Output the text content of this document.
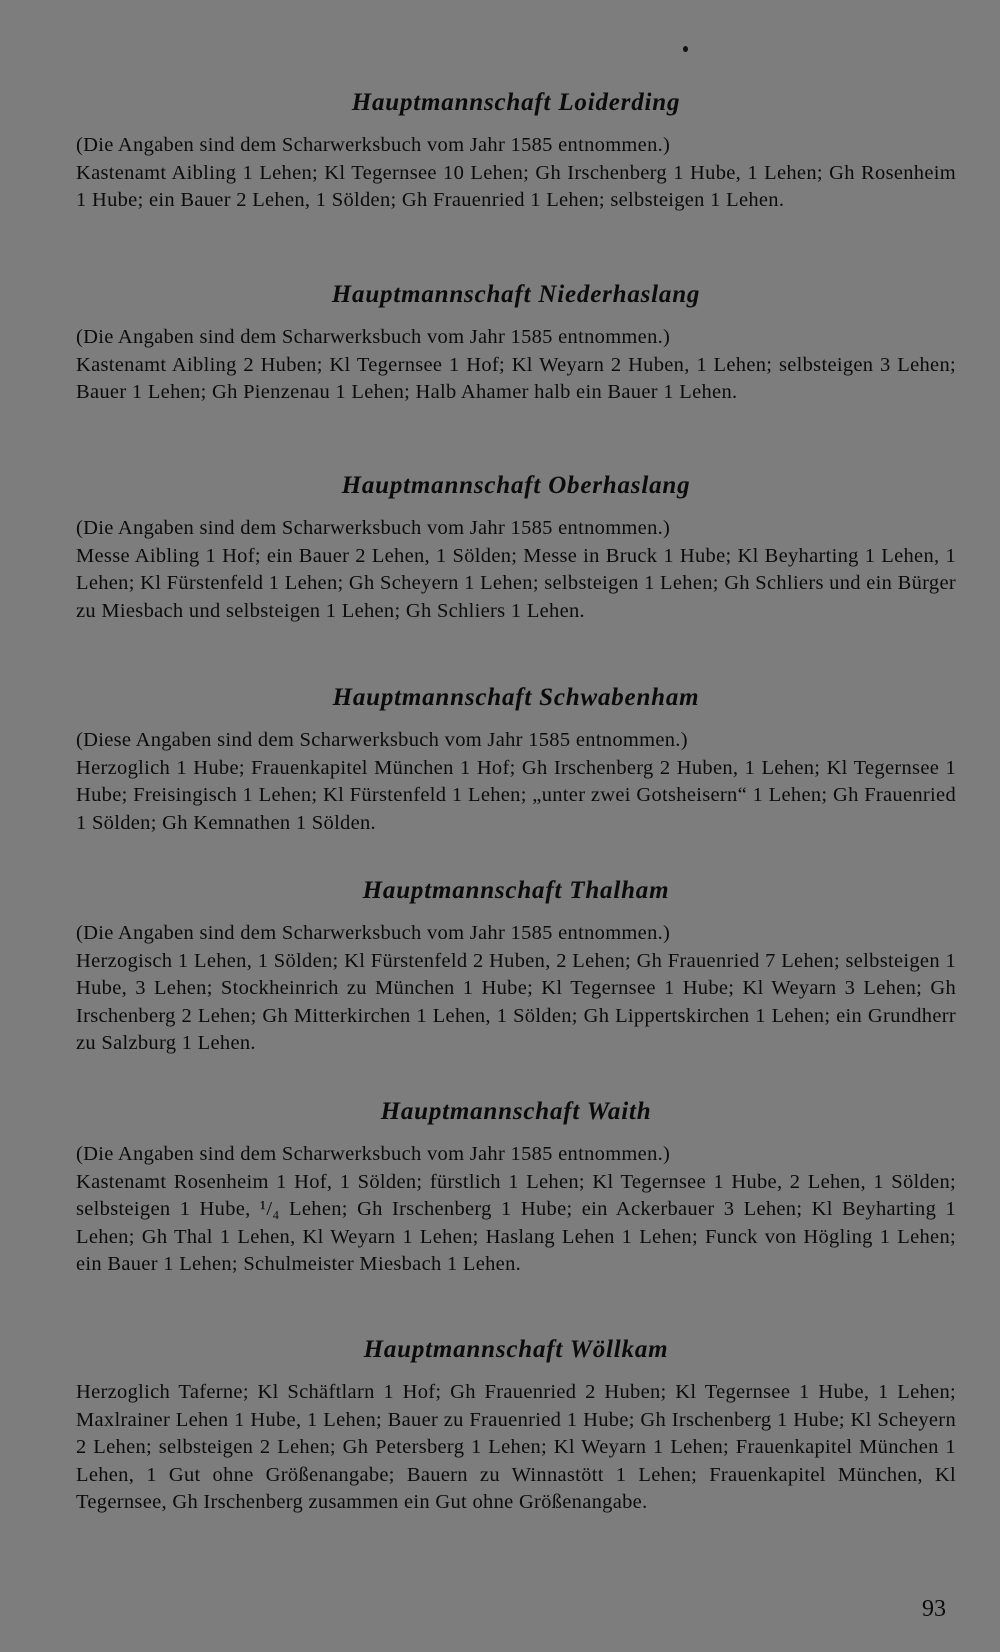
Hauptmannschaft Loiderding

(Die Angaben sind dem Scharwerksbuch vom Jahr 1585 entnommen.)

Kastenamt Aibling 1 Lehen; Kl Tegernsee 10 Lehen; Gh Irschenberg 1 Hube, 1 Lehen; Gh Rosenheim 1 Hube; ein Bauer 2 Lehen, 1 Sölden; Gh Frauenried 1 Lehen; selbsteigen 1 Lehen.

Hauptmannschaft Niederhaslang

(Die Angaben sind dem Scharwerksbuch vom Jahr 1585 entnommen.)

Kastenamt Aibling 2 Huben; Kl Tegernsee 1 Hof; Kl Weyarn 2 Huben, 1 Lehen; selbsteigen 3 Lehen; Bauer 1 Lehen; Gh Pienzenau 1 Lehen; Halb Ahamer halb ein Bauer 1 Lehen.

Hauptmannschaft Oberhaslang

(Die Angaben sind dem Scharwerksbuch vom Jahr 1585 entnommen.)

Messe Aibling 1 Hof; ein Bauer 2 Lehen, 1 Sölden; Messe in Bruck 1 Hube; Kl Beyharting 1 Lehen, 1 Lehen; Kl Fürstenfeld 1 Lehen; Gh Scheyern 1 Lehen; selbsteigen 1 Lehen; Gh Schliers und ein Bürger zu Miesbach und selbsteigen 1 Lehen; Gh Schliers 1 Lehen.

Hauptmannschaft Schwabenham

(Diese Angaben sind dem Scharwerksbuch vom Jahr 1585 entnommen.)

Herzoglich 1 Hube; Frauenkapitel München 1 Hof; Gh Irschenberg 2 Huben, 1 Lehen; Kl Tegernsee 1 Hube; Freisingisch 1 Lehen; Kl Fürstenfeld 1 Lehen; „unter zwei Gotsheisern“ 1 Lehen; Gh Frauenried 1 Sölden; Gh Kemnathen 1 Sölden.

Hauptmannschaft Thalham

(Die Angaben sind dem Scharwerksbuch vom Jahr 1585 entnommen.)

Herzogisch 1 Lehen, 1 Sölden; Kl Fürstenfeld 2 Huben, 2 Lehen; Gh Frauenried 7 Lehen; selbsteigen 1 Hube, 3 Lehen; Stockheinrich zu München 1 Hube; Kl Tegernsee 1 Hube; Kl Weyarn 3 Lehen; Gh Irschenberg 2 Lehen; Gh Mitterkirchen 1 Lehen, 1 Sölden; Gh Lippertskirchen 1 Lehen; ein Grundherr zu Salzburg 1 Lehen.

Hauptmannschaft Waith

(Die Angaben sind dem Scharwerksbuch vom Jahr 1585 entnommen.)

Kastenamt Rosenheim 1 Hof, 1 Sölden; fürstlich 1 Lehen; Kl Tegernsee 1 Hube, 2 Lehen, 1 Sölden; selbsteigen 1 Hube, ¹/₄ Lehen; Gh Irschenberg 1 Hube; ein Ackerbauer 3 Lehen; Kl Beyharting 1 Lehen; Gh Thal 1 Lehen, Kl Weyarn 1 Lehen; Haslang Lehen 1 Lehen; Funck von Högling 1 Lehen; ein Bauer 1 Lehen; Schulmeister Miesbach 1 Lehen.

Hauptmannschaft Wöllkam

Herzoglich Taferne; Kl Schäftlarn 1 Hof; Gh Frauenried 2 Huben; Kl Tegernsee 1 Hube, 1 Lehen; Maxlrainer Lehen 1 Hube, 1 Lehen; Bauer zu Frauenried 1 Hube; Gh Irschenberg 1 Hube; Kl Scheyern 2 Lehen; selbsteigen 2 Lehen; Gh Petersberg 1 Lehen; Kl Weyarn 1 Lehen; Frauenkapitel München 1 Lehen, 1 Gut ohne Größenangabe; Bauern zu Winnastött 1 Lehen; Frauenkapitel München, Kl Tegernsee, Gh Irschenberg zusammen ein Gut ohne Größenangabe.

93
